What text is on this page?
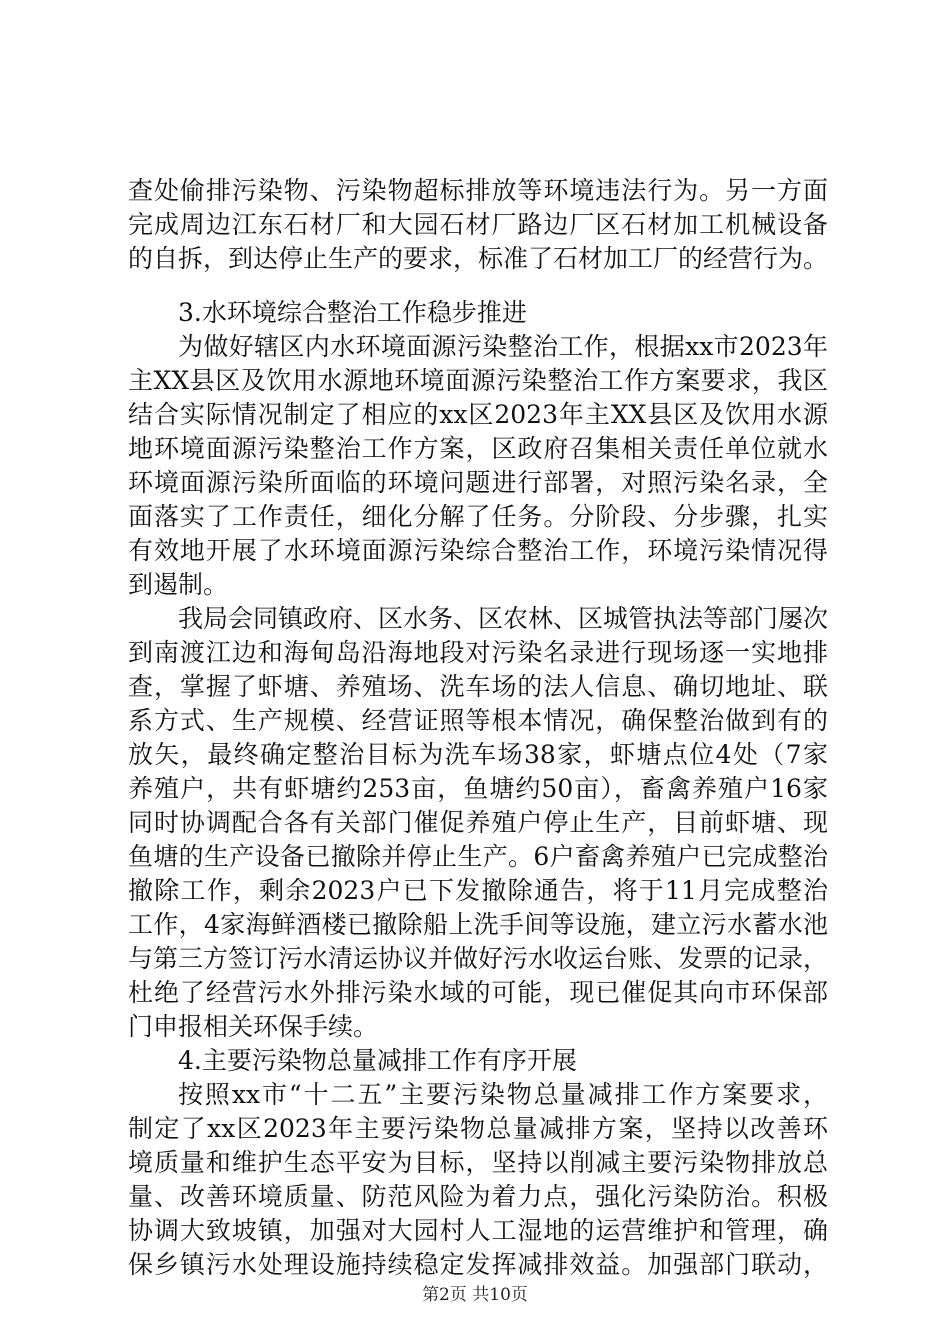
查处偷排污染物、污染物超标排放等环境违法行为。另一方面
完成周边江东石材厂和大园石材厂路边厂区石材加工机械设备
的自拆，到达停止生产的要求，标准了石材加工厂的经营行为。
3.水环境综合整治工作稳步推进
为做好辖区内水环境面源污染整治工作，根据xx市2023年
主XX县区及饮用水源地环境面源污染整治工作方案要求，我区
结合实际情况制定了相应的xx区2023年主XX县区及饮用水源
地环境面源污染整治工作方案，区政府召集相关责任单位就水
环境面源污染所面临的环境问题进行部署，对照污染名录，全
面落实了工作责任，细化分解了任务。分阶段、分步骤，扎实
有效地开展了水环境面源污染综合整治工作，环境污染情况得
到遏制。
我局会同镇政府、区水务、区农林、区城管执法等部门屡次
到南渡江边和海甸岛沿海地段对污染名录进行现场逐一实地排
查，掌握了虾塘、养殖场、洗车场的法人信息、确切地址、联
系方式、生产规模、经营证照等根本情况，确保整治做到有的
放矢，最终确定整治目标为洗车场38家，虾塘点位4处（7家
养殖户，共有虾塘约253亩，鱼塘约50亩），畜禽养殖户16家
同时协调配合各有关部门催促养殖户停止生产，目前虾塘、现
鱼塘的生产设备已撤除并停止生产。6户畜禽养殖户已完成整治
撤除工作，剩余2023户已下发撤除通告，将于11月完成整治
工作，4家海鲜酒楼已撤除船上洗手间等设施，建立污水蓄水池
与第三方签订污水清运协议并做好污水收运台账、发票的记录，
杜绝了经营污水外排污染水域的可能，现已催促其向市环保部
门申报相关环保手续。
4.主要污染物总量减排工作有序开展
按照xx市“十二五”主要污染物总量减排工作方案要求，
制定了xx区2023年主要污染物总量减排方案，坚持以改善环
境质量和维护生态平安为目标，坚持以削减主要污染物排放总
量、改善环境质量、防范风险为着力点，强化污染防治。积极
协调大致坡镇，加强对大园村人工湿地的运营维护和管理，确
保乡镇污水处理设施持续稳定发挥减排效益。加强部门联动，
第2页 共10页
